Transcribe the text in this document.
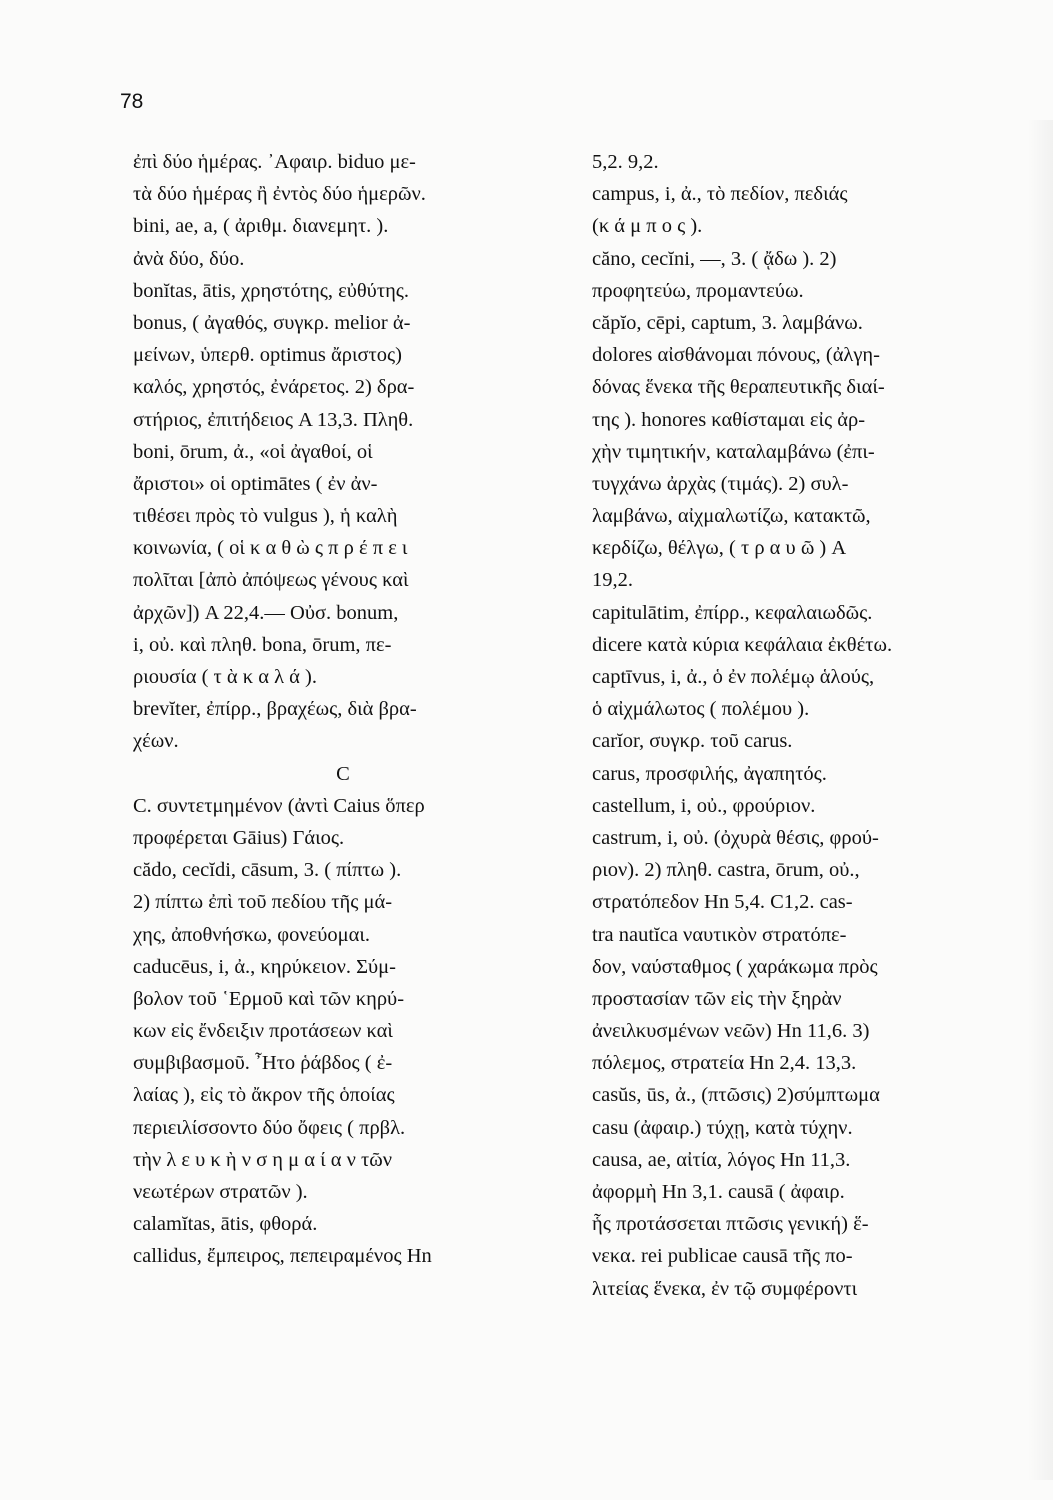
78
ἐπὶ δύο ἡμέρας. ᾿Αφαιρ. biduo με-
τὰ δύο ἡμέρας ἢ ἐντὸς δύο ἡμερῶν.
bini, ae, a, ( ἀριθμ. διανεμητ. ).
ἀνὰ δύο, δύο.
bonĭtas, ātis, χρηστότης, εὐθύτης.
bonus, ( ἀγαθός, συγκρ. melior ἀ-
μείνων, ὑπερθ. optimus ἄριστος)
καλός, χρηστός, ἐνάρετος. 2) δρα-
στήριος, ἐπιτήδειος A 13,3. Πληθ.
boni, ōrum, ἀ., «οἱ ἀγαθοί, οἱ
ἄριστοι» οἱ optimātes ( ἐν ἀν-
τιθέσει πρὸς τὸ vulgus ), ἡ καλὴ
κοινωνία, ( οἱ κ α θ ὼ ς π ρ έ π ε ι
πολῖται [ἀπὸ ἀπόψεως γένους καὶ
ἀρχῶν]) A 22,4.— Οὐσ. bonum,
i, οὐ. καὶ πληθ. bona, ōrum, πε-
ριουσία ( τ ὰ κ α λ ά ).
brevĭter, ἐπίρρ., βραχέως, διὰ βρα-
χέων.
C
C. συντετμημένον (ἀντὶ Caius ὅπερ
προφέρεται Gāius) Γάιος.
cădo, cecĭdi, cāsum, 3. ( πίπτω ).
2) πίπτω ἐπὶ τοῦ πεδίου τῆς μά-
χης, ἀποθνήσκω, φονεύομαι.
caducēus, i, ἀ., κηρύκειον. Σύμ-
βολον τοῦ ῾Ερμοῦ καὶ τῶν κηρύ-
κων εἰς ἔνδειξιν προτάσεων καὶ
συμβιβασμοῦ. ῏Ητο ῥάβδος ( ἐ-
λαίας ), εἰς τὸ ἄκρον τῆς ὁποίας
περιειλίσσοντο δύο ὄφεις ( πρβλ.
τὴν λ ε υ κ ὴ ν σ η μ α ί α ν τῶν
νεωτέρων στρατῶν ).
calamĭtas, ātis, φθορά.
callidus, ἔμπειρος, πεπειραμένος Hn
5,2. 9,2.
campus, i, ἀ., τὸ πεδίον, πεδιάς
(κ ά μ π ο ς ).
căno, cecĭni, —, 3. ( ᾄδω ). 2)
προφητεύω, προμαντεύω.
căpĭo, cēpi, captum, 3. λαμβάνω.
dolores αἰσθάνομαι πόνους, (ἀλγη-
δόνας ἕνεκα τῆς θεραπευτικῆς διαί-
της ). honores καθίσταμαι εἰς ἀρ-
χὴν τιμητικήν, καταλαμβάνω (ἐπι-
τυγχάνω ἀρχὰς (τιμάς). 2) συλ-
λαμβάνω, αἰχμαλωτίζω, κατακτῶ,
κερδίζω, θέλγω, ( τ ρ α υ ῶ ) A
19,2.
capitulātim, ἐπίρρ., κεφαλαιωδῶς.
dicere κατὰ κύρια κεφάλαια ἐκθέτω.
captīvus, i, ἀ., ὁ ἐν πολέμῳ ἁλούς,
ὁ αἰχμάλωτος ( πολέμου ).
carĭor, συγκρ. τοῦ carus.
carus, προσφιλής, ἀγαπητός.
castellum, i, οὐ., φρούριον.
castrum, i, οὐ. (ὀχυρὰ θέσις, φρού-
ριον). 2) πληθ. castra, ōrum, οὐ.,
στρατόπεδον Hn 5,4. C1,2. cas-
tra nautĭca ναυτικὸν στρατόπε-
δον, ναύσταθμος ( χαράκωμα πρὸς
προστασίαν τῶν εἰς τὴν ξηρὰν
ἀνειλκυσμένων νεῶν) Hn 11,6. 3)
πόλεμος, στρατεία Hn 2,4. 13,3.
casŭs, ūs, ἀ., (πτῶσις) 2)σύμπτωμα
casu (ἀφαιρ.) τύχῃ, κατὰ τύχην.
causa, ae, αἰτία, λόγος Hn 11,3.
ἀφορμὴ Hn 3,1. causā ( ἀφαιρ.
ἧς προτάσσεται πτῶσις γενική) ἕ-
νεκα. rei publicae causā τῆς πο-
λιτείας ἕνεκα, ἐν τῷ συμφέροντι
